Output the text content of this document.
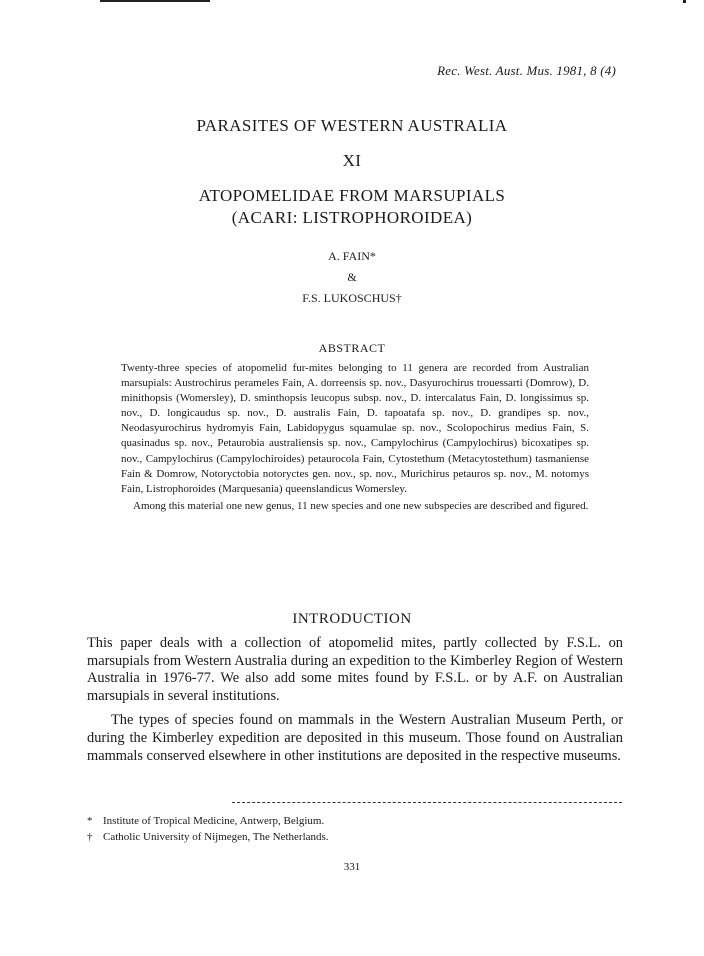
Rec. West. Aust. Mus. 1981, 8 (4)
PARASITES OF WESTERN AUSTRALIA
XI
ATOPOMELIDAE FROM MARSUPIALS
(ACARI: LISTROPHOROIDEA)
A. FAIN*
&
F.S. LUKOSCHUS†
ABSTRACT

Twenty-three species of atopomelid fur-mites belonging to 11 genera are recorded from Australian marsupials: Austrochirus perameles Fain, A. dorreensis sp. nov., Dasyurochirus trouessarti (Domrow), D. minithopsis (Womersley), D. sminthopsis leucopus subsp. nov., D. intercalatus Fain, D. longissimus sp. nov., D. longicaudus sp. nov., D. australis Fain, D. tapoatafa sp. nov., D. grandipes sp. nov., Neodasyurochirus hydromyis Fain, Labidopygus squamulae sp. nov., Scolopochirus medius Fain, S. quasinadus sp. nov., Petaurobia australiensis sp. nov., Campylochirus (Campylochirus) bicoxatipes sp. nov., Campylochirus (Campylochiroides) petaurocola Fain, Cytostethum (Metacytostethum) tasmaniense Fain & Domrow, Notoryctobia notoryctes gen. nov., sp. nov., Murichirus petauros sp. nov., M. notomys Fain, Listrophoroides (Marquesania) queenslandicus Womersley.

Among this material one new genus, 11 new species and one new subspecies are described and figured.

INTRODUCTION

This paper deals with a collection of atopomelid mites, partly collected by F.S.L. on marsupials from Western Australia during an expedition to the Kimberley Region of Western Australia in 1976-77. We also add some mites found by F.S.L. or by A.F. on Australian marsupials in several institutions.

The types of species found on mammals in the Western Australian Museum Perth, or during the Kimberley expedition are deposited in this museum. Those found on Australian mammals conserved elsewhere in other institutions are deposited in the respective museums.

* Institute of Tropical Medicine, Antwerp, Belgium.
† Catholic University of Nijmegen, The Netherlands.
331
